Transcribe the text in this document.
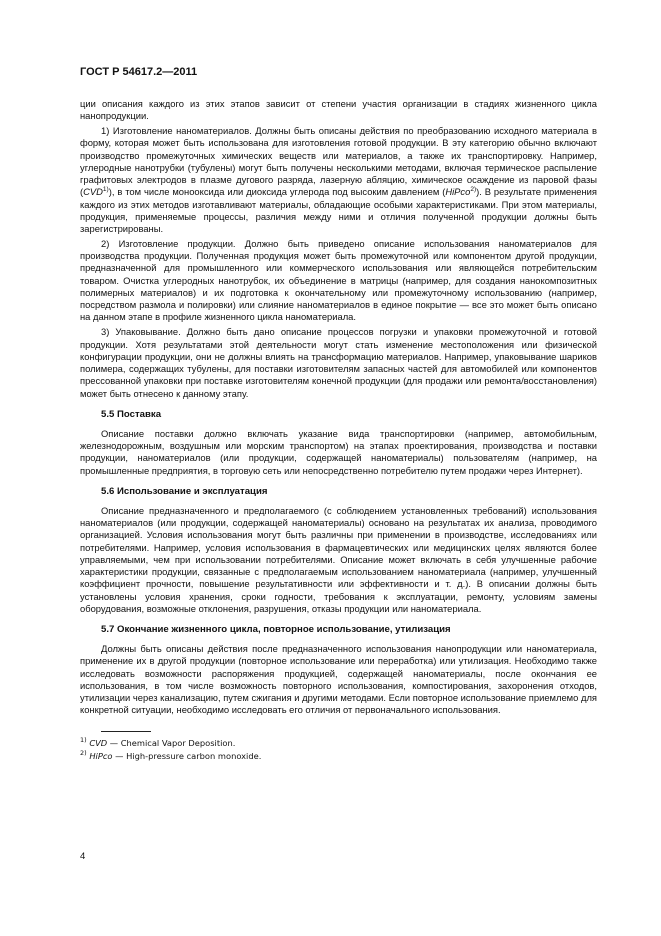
ГОСТ Р 54617.2—2011

ции описания каждого из этих этапов зависит от степени участия организации в стадиях жизненного цикла нанопродукции.

1) Изготовление наноматериалов. Должны быть описаны действия по преобразованию исходного материала в форму, которая может быть использована для изготовления готовой продукции. В эту категорию обычно включают производство промежуточных химических веществ или материалов, а также их транспортировку. Например, углеродные нанотрубки (тубулены) могут быть получены несколькими методами, включая термическое распыление графитовых электродов в плазме дугового разряда, лазерную абляцию, химическое осаждение из паровой фазы (CVD$^{1)}$), в том числе монооксида или диоксида углерода под высоким давлением (HiPco$^{2)}$). В результате применения каждого из этих методов изготавливают материалы, обладающие особыми характеристиками. При этом материалы, продукция, применяемые процессы, различия между ними и отличия полученной продукции должны быть зарегистрированы.

2) Изготовление продукции. Должно быть приведено описание использования наноматериалов для производства продукции. Полученная продукция может быть промежуточной или компонентом другой продукции, предназначенной для промышленного или коммерческого использования или являющейся потребительским товаром. Очистка углеродных нанотрубок, их объединение в матрицы (например, для создания нанокомпозитных полимерных материалов) и их подготовка к окончательному или промежуточному использованию (например, посредством размола и полировки) или слияние наноматериалов в единое покрытие — все это может быть описано на данном этапе в профиле жизненного цикла наноматериала.

3) Упаковывание. Должно быть дано описание процессов погрузки и упаковки промежуточной и готовой продукции. Хотя результатами этой деятельности могут стать изменение местоположения или физической конфигурации продукции, они не должны влиять на трансформацию материалов. Например, упаковывание шариков полимера, содержащих тубулены, для поставки изготовителям запасных частей для автомобилей или компонентов прессованной упаковки при поставке изготовителям конечной продукции (для продажи или ремонта/восстановления) может быть отнесено к данному этапу.

5.5 Поставка

Описание поставки должно включать указание вида транспортировки (например, автомобильным, железнодорожным, воздушным или морским транспортом) на этапах проектирования, производства и поставки продукции, наноматериалов (или продукции, содержащей наноматериалы) пользователям (например, на промышленные предприятия, в торговую сеть или непосредственно потребителю путем продажи через Интернет).

5.6 Использование и эксплуатация

Описание предназначенного и предполагаемого (с соблюдением установленных требований) использования наноматериалов (или продукции, содержащей наноматериалы) основано на результатах их анализа, проводимого организацией. Условия использования могут быть различны при применении в производстве, исследованиях или потребителями. Например, условия использования в фармацевтических или медицинских целях являются более управляемыми, чем при использовании потребителями. Описание может включать в себя улучшенные рабочие характеристики продукции, связанные с предполагаемым использованием наноматериала (например, улучшенный коэффициент прочности, повышение результативности или эффективности и т. д.). В описании должны быть установлены условия хранения, сроки годности, требования к эксплуатации, ремонту, условиям замены оборудования, возможные отклонения, разрушения, отказы продукции или наноматериала.

5.7 Окончание жизненного цикла, повторное использование, утилизация

Должны быть описаны действия после предназначенного использования нанопродукции или наноматериала, применение их в другой продукции (повторное использование или переработка) или утилизация. Необходимо также исследовать возможности распоряжения продукцией, содержащей наноматериалы, после окончания ее использования, в том числе возможность повторного использования, компостирования, захоронения отходов, утилизации через канализацию, путем сжигания и другими методами. Если повторное использование приемлемо для конкретной ситуации, необходимо исследовать его отличия от первоначального использования.

$^{1)}$ CVD — Chemical Vapor Deposition.

$^{2)}$ HiPco — High-pressure carbon monoxide.

4
